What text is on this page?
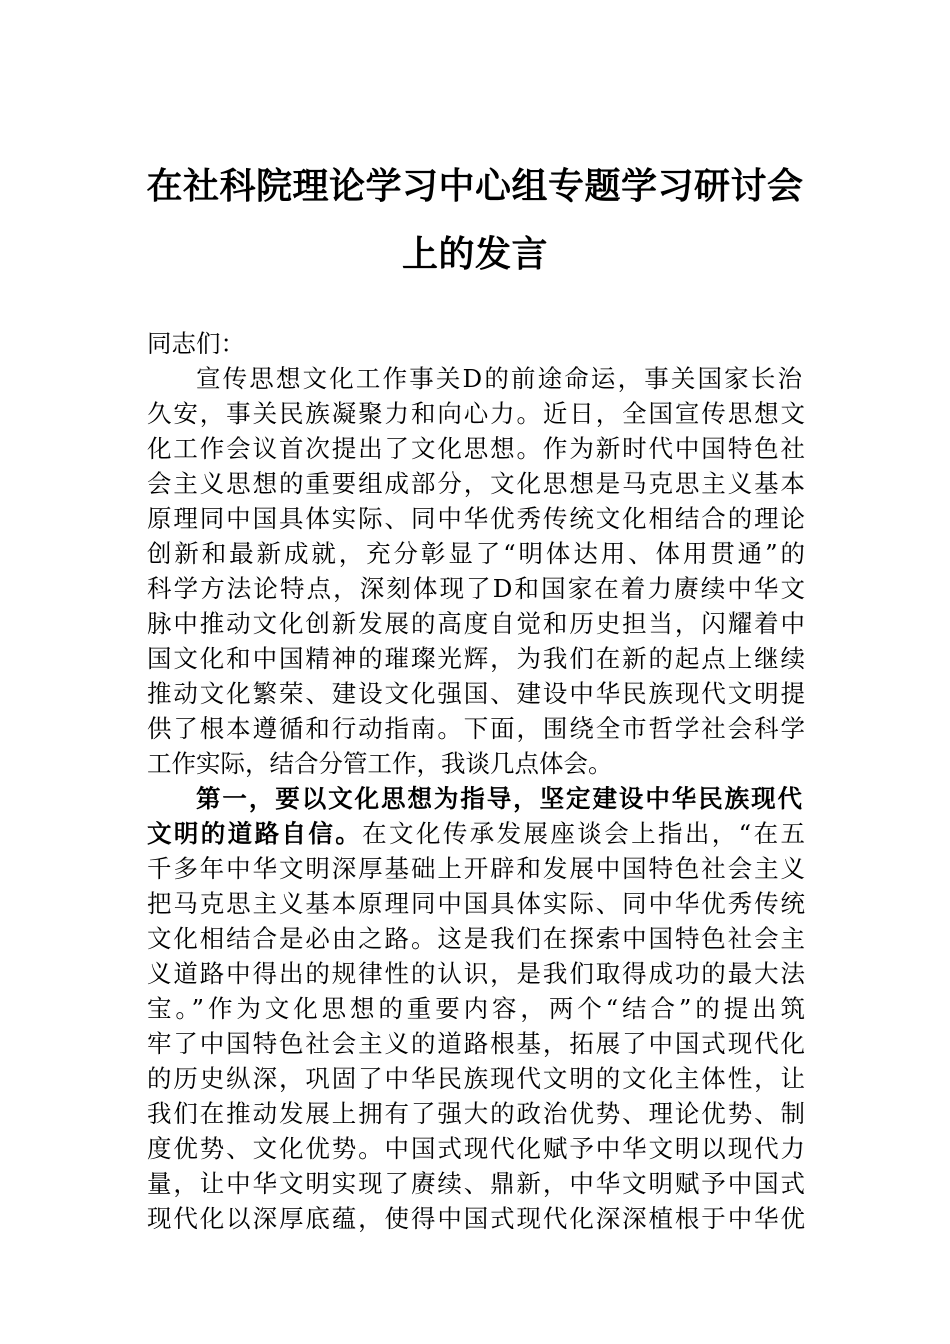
在社科院理论学习中心组专题学习研讨会
上的发言
同志们：
宣传思想文化工作事关D的前途命运，事关国家长治
久安，事关民族凝聚力和向心力。近日，全国宣传思想文
化工作会议首次提出了文化思想。作为新时代中国特色社
会主义思想的重要组成部分，文化思想是马克思主义基本
原理同中国具体实际、同中华优秀传统文化相结合的理论
创新和最新成就，充分彰显了“明体达用、体用贯通”的
科学方法论特点，深刻体现了D和国家在着力赓续中华文
脉中推动文化创新发展的高度自觉和历史担当，闪耀着中
国文化和中国精神的璀璨光辉，为我们在新的起点上继续
推动文化繁荣、建设文化强国、建设中华民族现代文明提
供了根本遵循和行动指南。下面，围绕全市哲学社会科学
工作实际，结合分管工作，我谈几点体会。
第一，要以文化思想为指导，坚定建设中华民族现代
文明的道路自信。在文化传承发展座谈会上指出，“在五
千多年中华文明深厚基础上开辟和发展中国特色社会主义
把马克思主义基本原理同中国具体实际、同中华优秀传统
文化相结合是必由之路。这是我们在探索中国特色社会主
义道路中得出的规律性的认识，是我们取得成功的最大法
宝。”作为文化思想的重要内容，两个“结合”的提出筑
牢了中国特色社会主义的道路根基，拓展了中国式现代化
的历史纵深，巩固了中华民族现代文明的文化主体性，让
我们在推动发展上拥有了强大的政治优势、理论优势、制
度优势、文化优势。中国式现代化赋予中华文明以现代力
量，让中华文明实现了赓续、鼎新，中华文明赋予中国式
现代化以深厚底蕴，使得中国式现代化深深植根于中华优
